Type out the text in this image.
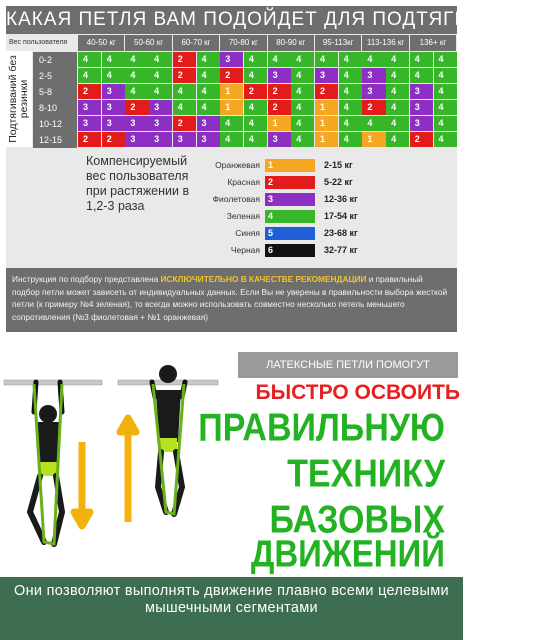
КАКАЯ ПЕТЛЯ ВАМ ПОДОЙДЕТ ДЛЯ ПОДТЯГИВАНИЙ
Вес пользователя	40-50 кг	50-60 кг	60-70 кг	70-80 кг	80-90 кг	95-113кг	113-136 кг	136+ кг
Подтягиваний без резинки
0-2	4	4	4	4	2	4	3	4	4	4	4	4	4	4	4	4
2-5	4	4	4	4	2	4	2	4	3	4	3	4	3	4	4	4
5-8	2	3	4	4	4	4	1	2	2	4	2	4	3	4	3	4
8-10	3	3	2	3	4	4	1	4	2	4	1	4	2	4	3	4
10-12	3	3	3	3	2	3	4	4	1	4	1	4	4	4	3	4
12-15	2	2	3	3	3	3	4	4	3	4	1	4	1	4	2	4
Компенсируемый вес пользователя при растяжении в 1,2-3 раза
Оранжевая 1	2-15 кг
Красная 2	5-22 кг
Фиолетовая 3	12-36 кг
Зеленая 4	17-54 кг
Синяя 5	23-68 кг
Черная 6	32-77 кг
Инструкция по подбору представлена ИСКЛЮЧИТЕЛЬНО В КАЧЕСТВЕ РЕКОМЕНДАЦИИ и правильный подбор петли может зависеть от индивидуальных данных. Если Вы не уверены в правильности выбора жесткой петли (к примеру №4 зеленая), то всегда можно использовать совместно несколько петель меньшего сопротивления (№3 фиолетовая + №1 оранжевая)
ЛАТЕКСНЫЕ ПЕТЛИ ПОМОГУТ
БЫСТРО ОСВОИТЬ
ПРАВИЛЬНУЮ
ТЕХНИКУ
БАЗОВЫХ
ДВИЖЕНИЙ
Они позволяют выполнять движение плавно всеми целевыми мышечными сегментами
